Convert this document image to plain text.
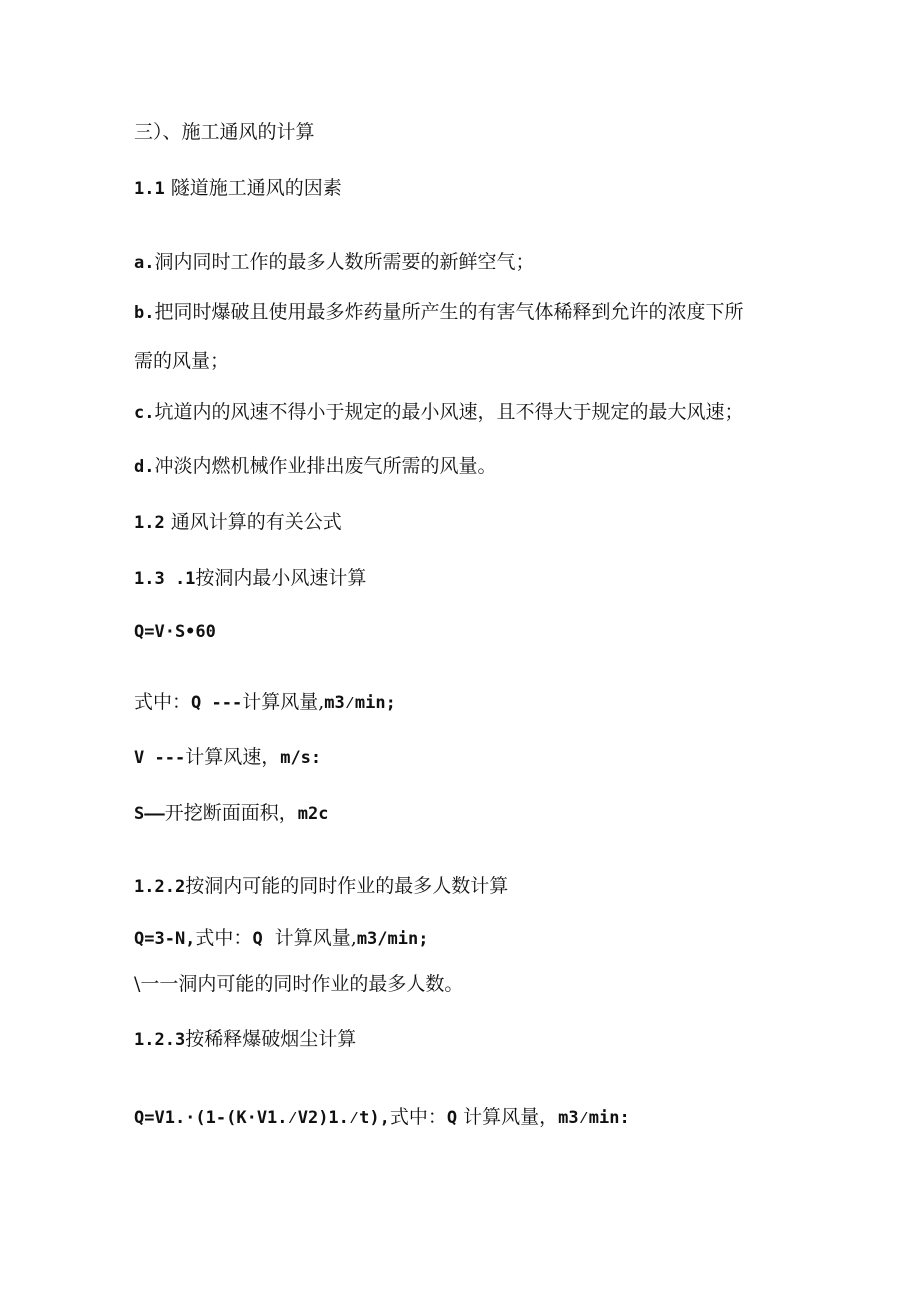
三）、施工通风的计算
1.1 隧道施工通风的因素
a.洞内同时工作的最多人数所需要的新鲜空气；
b.把同时爆破且使用最多炸药量所产生的有害气体稀释到允许的浓度下所
需的风量；
c.坑道内的风速不得小于规定的最小风速，且不得大于规定的最大风速；
d.冲淡内燃机械作业排出废气所需的风量。
1.2 通风计算的有关公式
1.3 .1按洞内最小风速计算
Q=V·S•60
式中：Q ---计算风量,m3⁄min;
V ---计算风速，m/s:
S——开挖断面面积，m2c
1.2.2按洞内可能的同时作业的最多人数计算
Q=3-N,式中：Q  计算风量,m3/min;
\一一洞内可能的同时作业的最多人数。
1.2.3按稀释爆破烟尘计算
Q=V1.·(1-(K·V1.⁄V2)1.⁄t),式中：Q 计算风量，m3⁄min:
